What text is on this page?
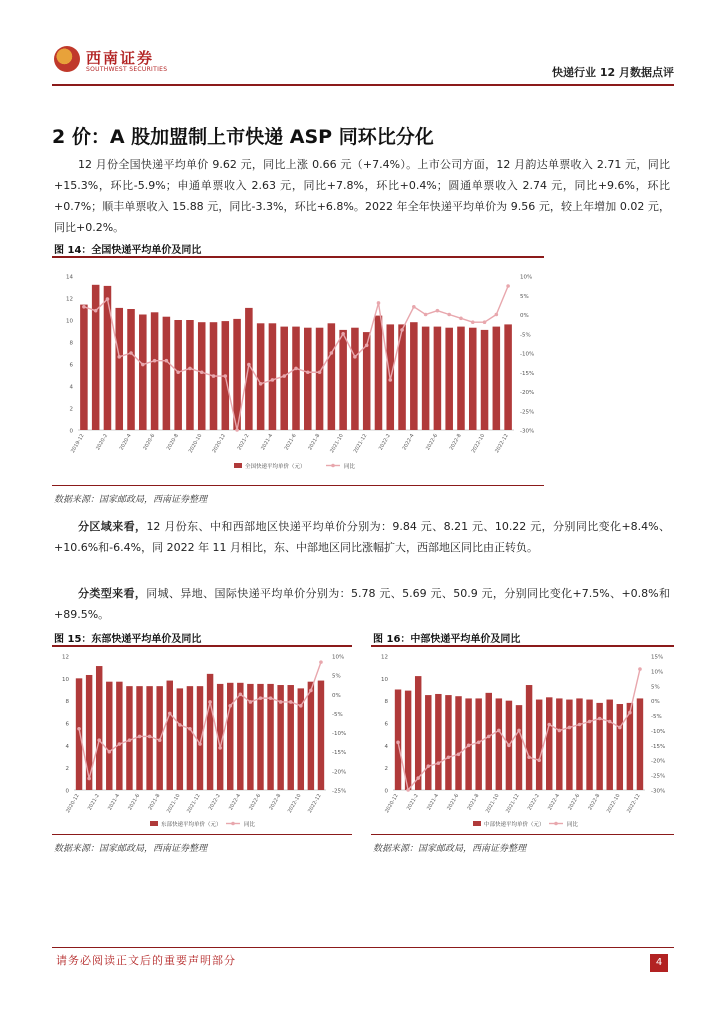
西南证券
SOUTHWEST SECURITIES	快递行业 12 月数据点评
2 价：A 股加盟制上市快递 ASP 同环比分化
12 月份全国快递平均单价 9.62 元，同比上涨 0.66 元（+7.4%）。上市公司方面，12 月韵达单票收入 2.71 元，同比+15.3%，环比-5.9%；申通单票收入 2.63 元，同比+7.8%，环比+0.4%；圆通单票收入 2.74 元，同比+9.6%，环比+0.7%；顺丰单票收入 15.88 元，同比-3.3%，环比+6.8%。2022 年全年快递平均单价为 9.56 元，较上年增加 0.02 元，同比+0.2%。
图 14：全国快递平均单价及同比
0
2
4
6
8
10
12
14
-30%
-25%
-20%
-15%
-10%
-5%
0%
5%
10%
2019-12 2020-2 2020-4 2020-6 2020-8 2020-10 2020-12 2021-2 2021-4 2021-6 2021-8 2021-10 2021-12 2022-2 2022-4 2022-6 2022-8 2022-10 2022-12
全国快递平均单价（元）	同比
数据来源：国家邮政局，西南证券整理
分区域来看，12 月份东、中和西部地区快递平均单价分别为：9.84 元、8.21 元、10.22 元，分别同比变化+8.4%、+10.6%和-6.4%，同 2022 年 11 月相比，东、中部地区同比涨幅扩大，西部地区同比由正转负。
分类型来看，同城、异地、国际快递平均单价分别为：5.78 元、5.69 元、50.9 元，分别同比变化+7.5%、+0.8%和+89.5%。
图 15：东部快递平均单价及同比
0
2
4
6
8
10
12
-25%
-20%
-15%
-10%
-5%
0%
5%
10%
2020-12 2021-2 2021-4 2021-6 2021-8 2021-10 2021-12 2022-2 2022-4 2022-6 2022-8 2022-10 2022-12
东部快递平均单价（元）	同比
数据来源：国家邮政局，西南证券整理
图 16：中部快递平均单价及同比
0
2
4
6
8
10
12
-30%
-25%
-20%
-15%
-10%
-5%
0%
5%
10%
15%
2020-12 2021-2 2021-4 2021-6 2021-8 2021-10 2021-12 2022-2 2022-4 2022-6 2022-8 2022-10 2022-12
中部快递平均单价（元）	同比
数据来源：国家邮政局，西南证券整理
请务必阅读正文后的重要声明部分	4
